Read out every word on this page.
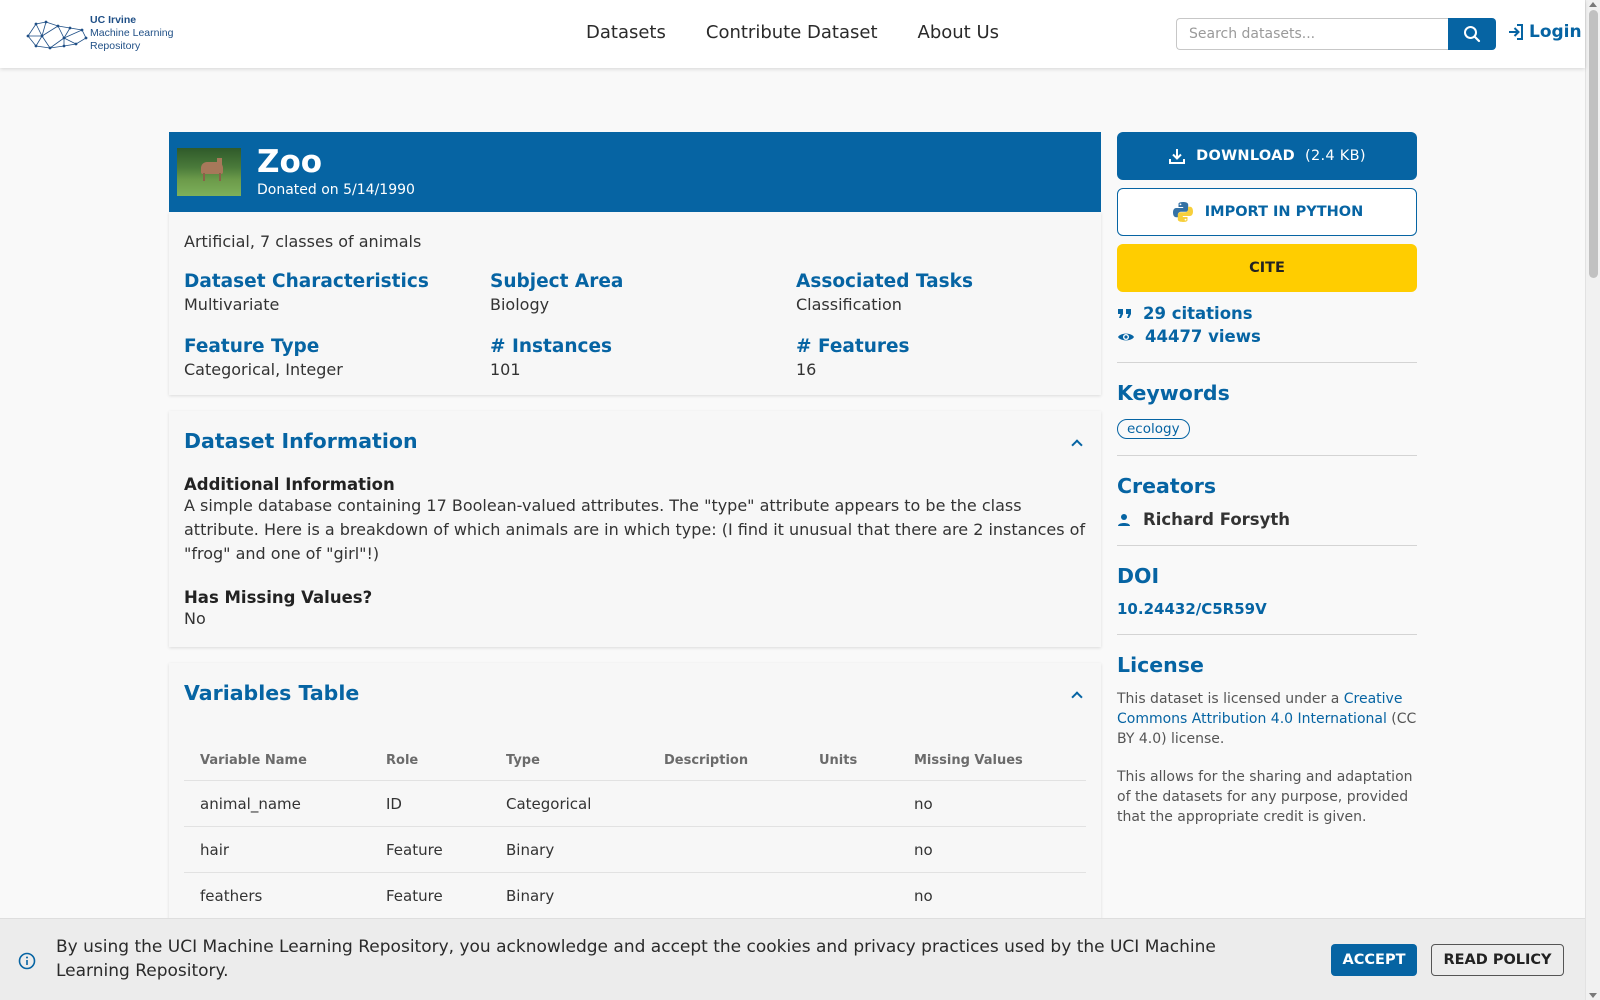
UC Irvine
Machine Learning
Repository
Datasets Contribute Dataset About Us
Search datasets...	Login
Zoo
Donated on 5/14/1990
Artificial, 7 classes of animals
Dataset Characteristics
Multivariate
Subject Area
Biology
Associated Tasks
Classification
Feature Type
Categorical, Integer
# Instances
101
# Features
16
Dataset Information
Additional Information

A simple database containing 17 Boolean-valued attributes. The "type" attribute appears to be the class attribute. Here is a breakdown of which animals are in which type: (I find it unusual that there are 2 instances of "frog" and one of "girl"!)

Has Missing Values?

No

Variables Table
Variable Name	Role	Type	Description	Units	Missing Values
animal_name	ID	Categorical			no
hair	Feature	Binary			no
feathers	Feature	Binary			no
DOWNLOAD (2.4 KB)
IMPORT IN PYTHON
CITE
29 citations
44477 views
Keywords
ecology
Creators
Richard Forsyth
DOI
10.24432/C5R59V
License

This dataset is licensed under a Creative Commons Attribution 4.0 International (CC BY 4.0) license.

This allows for the sharing and adaptation of the datasets for any purpose, provided that the appropriate credit is given.

By using the UCI Machine Learning Repository, you acknowledge and accept the cookies and privacy practices used by the UCI Machine Learning Repository.
ACCEPT	READ POLICY
